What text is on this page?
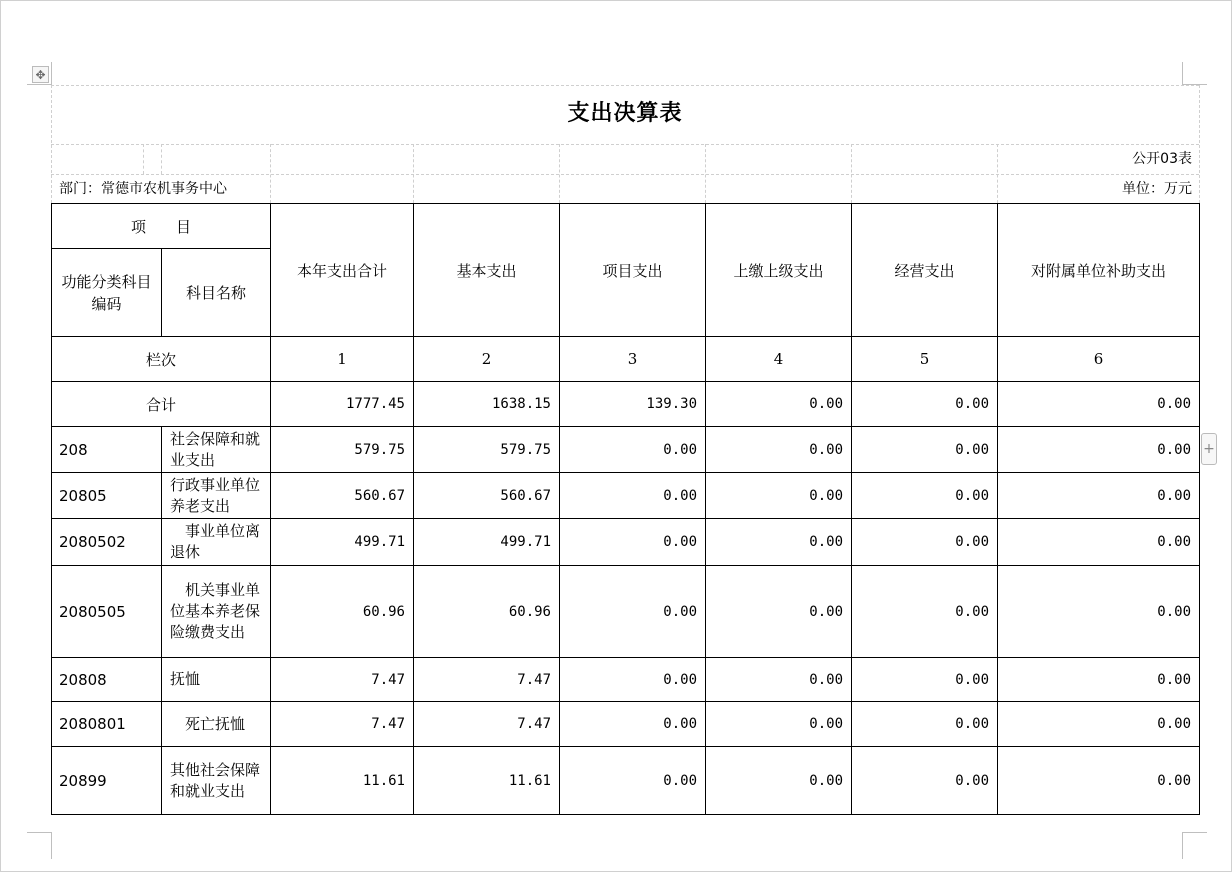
✥
+
支出决算表
公开03表
部门：常德市农机事务中心	单位：万元
项　　目		本年支出合计	基本支出	项目支出	上缴上级支出	经营支出	对附属单位补助支出
功能分类科目编码	科目名称						
栏次		1	2	3	4	5	6
合计		1777.45	1638.15	139.30	0.00	0.00	0.00
208	社会保障和就业支出	579.75	579.75	0.00	0.00	0.00	0.00
20805	行政事业单位养老支出	560.67	560.67	0.00	0.00	0.00	0.00
2080502	　事业单位离退休	499.71	499.71	0.00	0.00	0.00	0.00
2080505	　机关事业单位基本养老保险缴费支出	60.96	60.96	0.00	0.00	0.00	0.00
20808	抚恤	7.47	7.47	0.00	0.00	0.00	0.00
2080801	　死亡抚恤	7.47	7.47	0.00	0.00	0.00	0.00
20899	其他社会保障和就业支出	11.61	11.61	0.00	0.00	0.00	0.00
